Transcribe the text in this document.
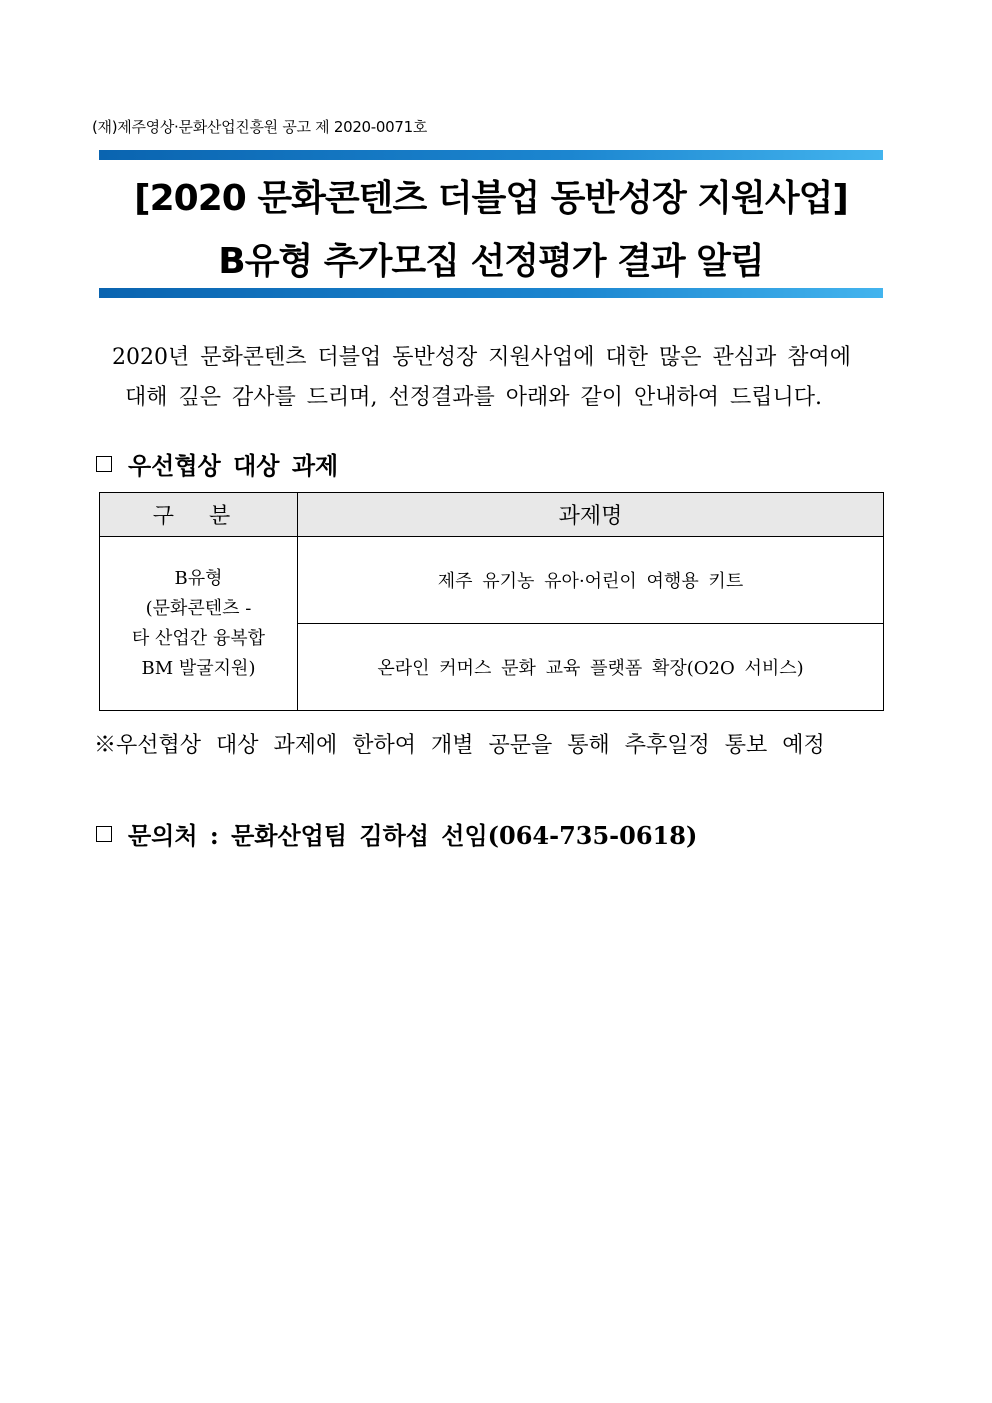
(재)제주영상·문화산업진흥원 공고 제 2020-0071호
[2020 문화콘텐츠 더블업 동반성장 지원사업]
B유형 추가모집 선정평가 결과 알림
2020년 문화콘텐츠 더블업 동반성장 지원사업에 대한 많은 관심과 참여에
대해 깊은 감사를 드리며, 선정결과를 아래와 같이 안내하여 드립니다.
우선협상 대상 과제
구 분	과제명

B유형
(문화콘텐츠 -
타 산업간 융복합
BM 발굴지원)	제주 유기농 유아·어린이 여행용 키트
	온라인 커머스 문화 교육 플랫폼 확장(O2O 서비스)
※우선협상 대상 과제에 한하여 개별 공문을 통해 추후일정 통보 예정
문의처 : 문화산업팀 김하섭 선임(064-735-0618)
